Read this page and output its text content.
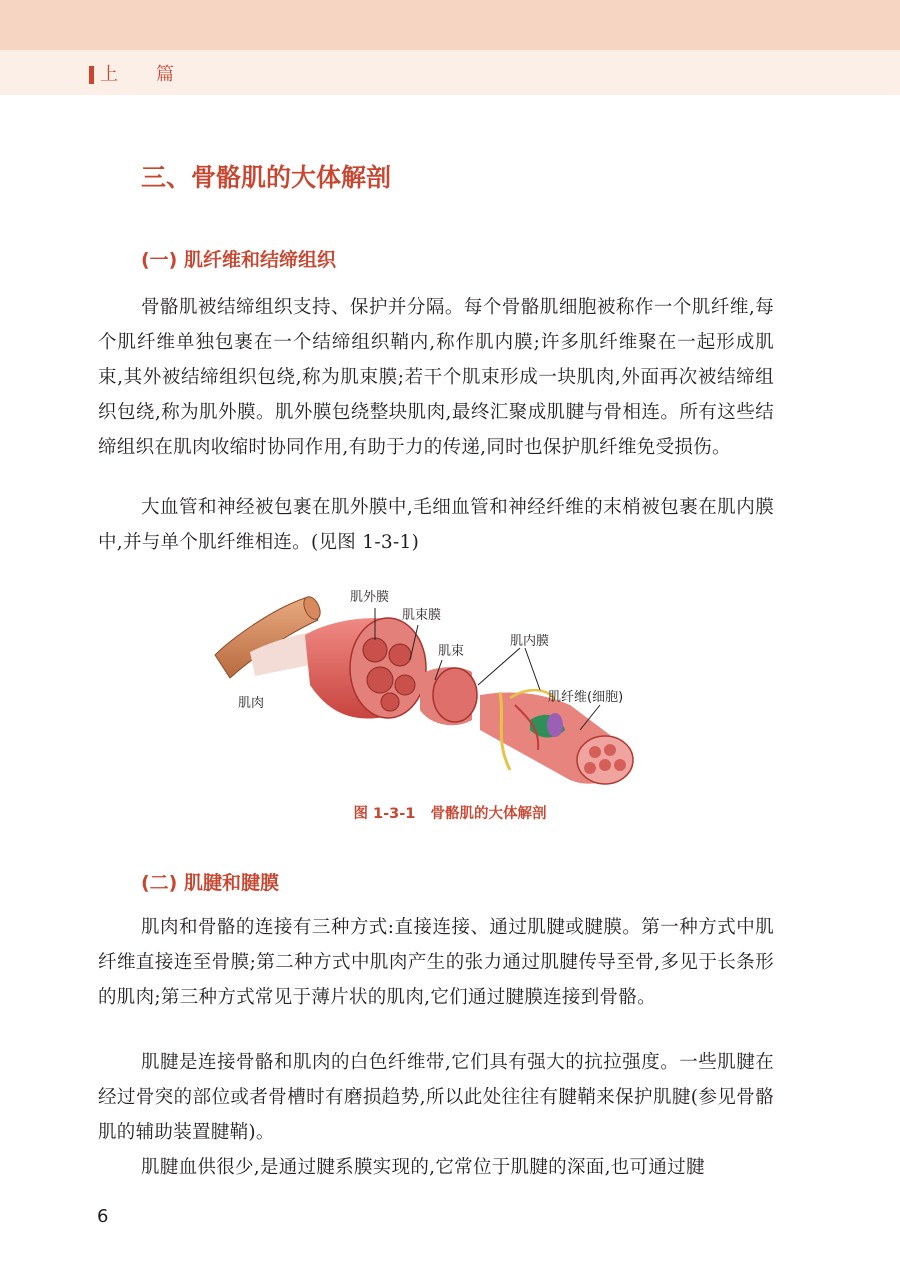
上篇
三、骨骼肌的大体解剖
(一) 肌纤维和结缔组织

骨骼肌被结缔组织支持、保护并分隔。每个骨骼肌细胞被称作一个肌纤维,每个肌纤维单独包裹在一个结缔组织鞘内,称作肌内膜;许多肌纤维聚在一起形成肌束,其外被结缔组织包绕,称为肌束膜;若干个肌束形成一块肌肉,外面再次被结缔组织包绕,称为肌外膜。肌外膜包绕整块肌肉,最终汇聚成肌腱与骨相连。所有这些结缔组织在肌肉收缩时协同作用,有助于力的传递,同时也保护肌纤维免受损伤。

大血管和神经被包裹在肌外膜中,毛细血管和神经纤维的末梢被包裹在肌内膜中,并与单个肌纤维相连。(见图 1-3-1)

肌外膜
肌束膜
肌束
肌内膜
肌肉	肌纤维(细胞)

图 1-3-1   骨骼肌的大体解剖

(二) 肌腱和腱膜

肌肉和骨骼的连接有三种方式:直接连接、通过肌腱或腱膜。第一种方式中肌纤维直接连至骨膜;第二种方式中肌肉产生的张力通过肌腱传导至骨,多见于长条形的肌肉;第三种方式常见于薄片状的肌肉,它们通过腱膜连接到骨骼。

肌腱是连接骨骼和肌肉的白色纤维带,它们具有强大的抗拉强度。一些肌腱在经过骨突的部位或者骨槽时有磨损趋势,所以此处往往有腱鞘来保护肌腱(参见骨骼肌的辅助装置腱鞘)。

肌腱血供很少,是通过腱系膜实现的,它常位于肌腱的深面,也可通过腱

6
